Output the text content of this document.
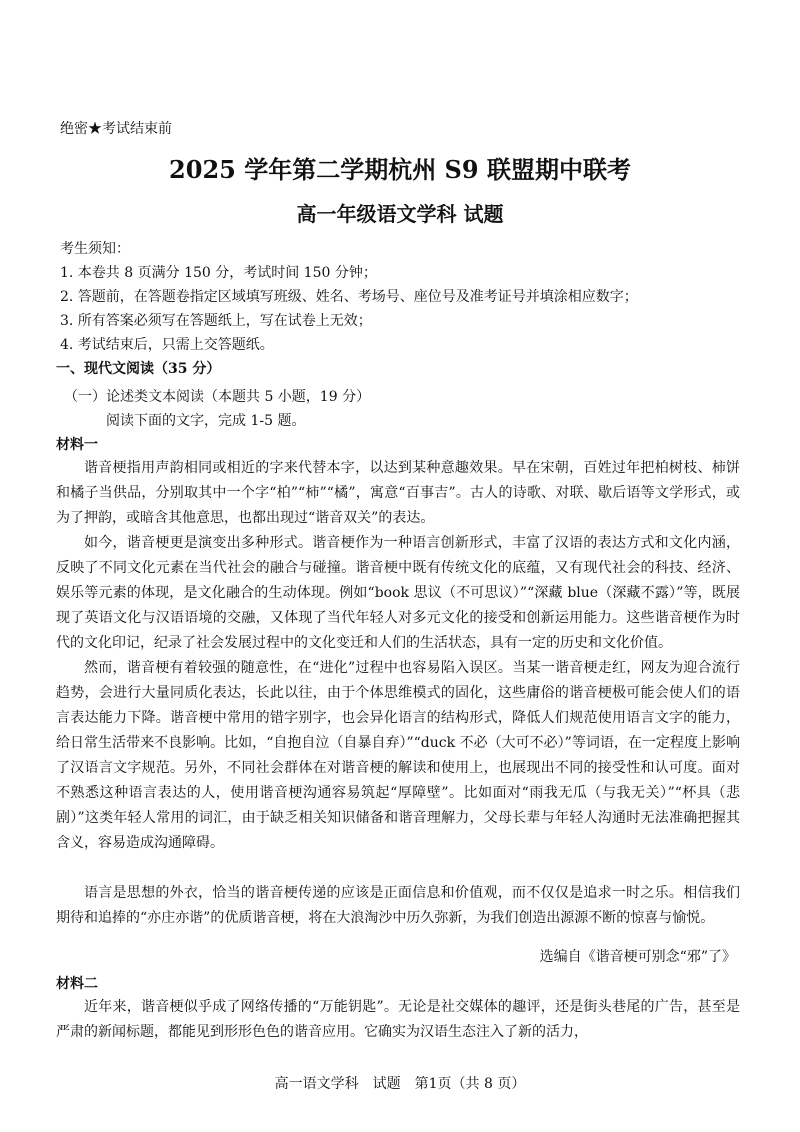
绝密★考试结束前
2025 学年第二学期杭州 S9 联盟期中联考
高一年级语文学科 试题
考生须知：
1. 本卷共 8 页满分 150 分，考试时间 150 分钟；
2. 答题前，在答题卷指定区域填写班级、姓名、考场号、座位号及准考证号并填涂相应数字；
3. 所有答案必须写在答题纸上，写在试卷上无效；
4. 考试结束后，只需上交答题纸。
一、现代文阅读（35 分）
（一）论述类文本阅读（本题共 5 小题，19 分）
阅读下面的文字，完成 1-5 题。
材料一

谐音梗指用声韵相同或相近的字来代替本字，以达到某种意趣效果。早在宋朝，百姓过年把柏树枝、柿饼和橘子当供品，分别取其中一个字“柏”“柿”“橘”，寓意“百事吉”。古人的诗歌、对联、歇后语等文学形式，或为了押韵，或暗含其他意思，也都出现过“谐音双关”的表达。

如今，谐音梗更是演变出多种形式。谐音梗作为一种语言创新形式，丰富了汉语的表达方式和文化内涵，反映了不同文化元素在当代社会的融合与碰撞。谐音梗中既有传统文化的底蕴，又有现代社会的科技、经济、娱乐等元素的体现，是文化融合的生动体现。例如“book 思议（不可思议）”“深藏 blue（深藏不露）”等，既展现了英语文化与汉语语境的交融，又体现了当代年轻人对多元文化的接受和创新运用能力。这些谐音梗作为时代的文化印记，纪录了社会发展过程中的文化变迁和人们的生活状态，具有一定的历史和文化价值。

然而，谐音梗有着较强的随意性，在“进化”过程中也容易陷入误区。当某一谐音梗走红，网友为迎合流行趋势，会进行大量同质化表达，长此以往，由于个体思维模式的固化，这些庸俗的谐音梗极可能会使人们的语言表达能力下降。谐音梗中常用的错字别字，也会异化语言的结构形式，降低人们规范使用语言文字的能力，给日常生活带来不良影响。比如，“自抱自泣（自暴自弃）”“duck 不必（大可不必）”等词语，在一定程度上影响了汉语言文字规范。另外，不同社会群体在对谐音梗的解读和使用上，也展现出不同的接受性和认可度。面对不熟悉这种语言表达的人，使用谐音梗沟通容易筑起“厚障壁”。比如面对“雨我无瓜（与我无关）”“杯具（悲剧）”这类年轻人常用的词汇，由于缺乏相关知识储备和谐音理解力，父母长辈与年轻人沟通时无法准确把握其含义，容易造成沟通障碍。

语言是思想的外衣，恰当的谐音梗传递的应该是正面信息和价值观，而不仅仅是追求一时之乐。相信我们期待和追捧的“亦庄亦谐”的优质谐音梗，将在大浪淘沙中历久弥新，为我们创造出源源不断的惊喜与愉悦。

选编自《谐音梗可别念“邪”了》
材料二

近年来，谐音梗似乎成了网络传播的“万能钥匙”。无论是社交媒体的趣评，还是街头巷尾的广告，甚至是严肃的新闻标题，都能见到形形色色的谐音应用。它确实为汉语生态注入了新的活力，

高一语文学科　试题　第1页（共 8 页）
